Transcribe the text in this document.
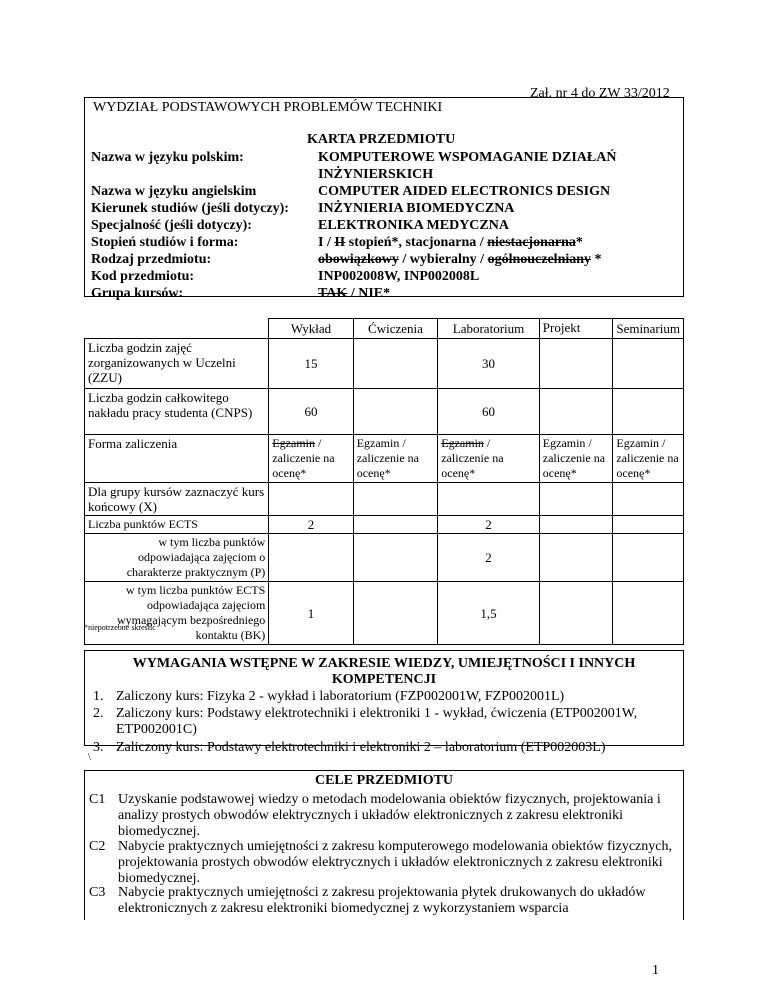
Zał. nr 4 do ZW 33/2012
WYDZIAŁ PODSTAWOWYCH PROBLEMÓW TECHNIKI
KARTA PRZEDMIOTU
Nazwa w języku polskim:	KOMPUTEROWE WSPOMAGANIE DZIAŁAŃ
INŻYNIERSKICH
Nazwa w języku angielskim	COMPUTER AIDED ELECTRONICS DESIGN
Kierunek studiów (jeśli dotyczy): INŻYNIERIA BIOMEDYCZNA
Specjalność (jeśli dotyczy):	ELEKTRONIKA MEDYCZNA
Stopień studiów i forma:	I / II stopień*, stacjonarna / niestacjonarna*
Rodzaj przedmiotu:	obowiązkowy / wybieralny / ogólnouczelniany *
Kod przedmiotu:	INP002008W, INP002008L
Grupa kursów:	TAK / NIE*
	Wykład	Ćwiczenia	Laboratorium	Projekt	Seminarium
Liczba godzin zajęć zorganizowanych w Uczelni (ZZU)	15		30		
Liczba godzin całkowitego nakładu pracy studenta (CNPS)	60		60		
Forma zaliczenia	Egzamin / zaliczenie na ocenę*	Egzamin / zaliczenie na ocenę*	Egzamin / zaliczenie na ocenę*	Egzamin / zaliczenie na ocenę*	Egzamin / zaliczenie na ocenę*
Dla grupy kursów zaznaczyć kurs końcowy (X)					
Liczba punktów ECTS	2		2		
w tym liczba punktów odpowiadająca zajęciom o charakterze praktycznym (P)			2		
w tym liczba punktów ECTS odpowiadająca zajęciom wymagającym bezpośredniego kontaktu (BK)	1		1,5		
*niepotrzebne skreślić
WYMAGANIA WSTĘPNE W ZAKRESIE WIEDZY, UMIEJĘTNOŚCI I INNYCH
KOMPETENCJI
1. Zaliczony kurs: Fizyka 2 - wykład i laboratorium (FZP002001W, FZP002001L)
2. Zaliczony kurs: Podstawy elektrotechniki i elektroniki 1 - wykład, ćwiczenia (ETP002001W, ETP002001C)
3. Zaliczony kurs: Podstawy elektrotechniki i elektroniki 2 – laboratorium (ETP002003L)
\
CELE PRZEDMIOTU
C1 Uzyskanie podstawowej wiedzy o metodach modelowania obiektów fizycznych, projektowania i analizy prostych obwodów elektrycznych i układów elektronicznych z zakresu elektroniki biomedycznej.
C2 Nabycie praktycznych umiejętności z zakresu komputerowego modelowania obiektów fizycznych, projektowania prostych obwodów elektrycznych i układów elektronicznych z zakresu elektroniki biomedycznej.
C3 Nabycie praktycznych umiejętności z zakresu projektowania płytek drukowanych do układów elektronicznych z zakresu elektroniki biomedycznej z wykorzystaniem wsparcia
1
